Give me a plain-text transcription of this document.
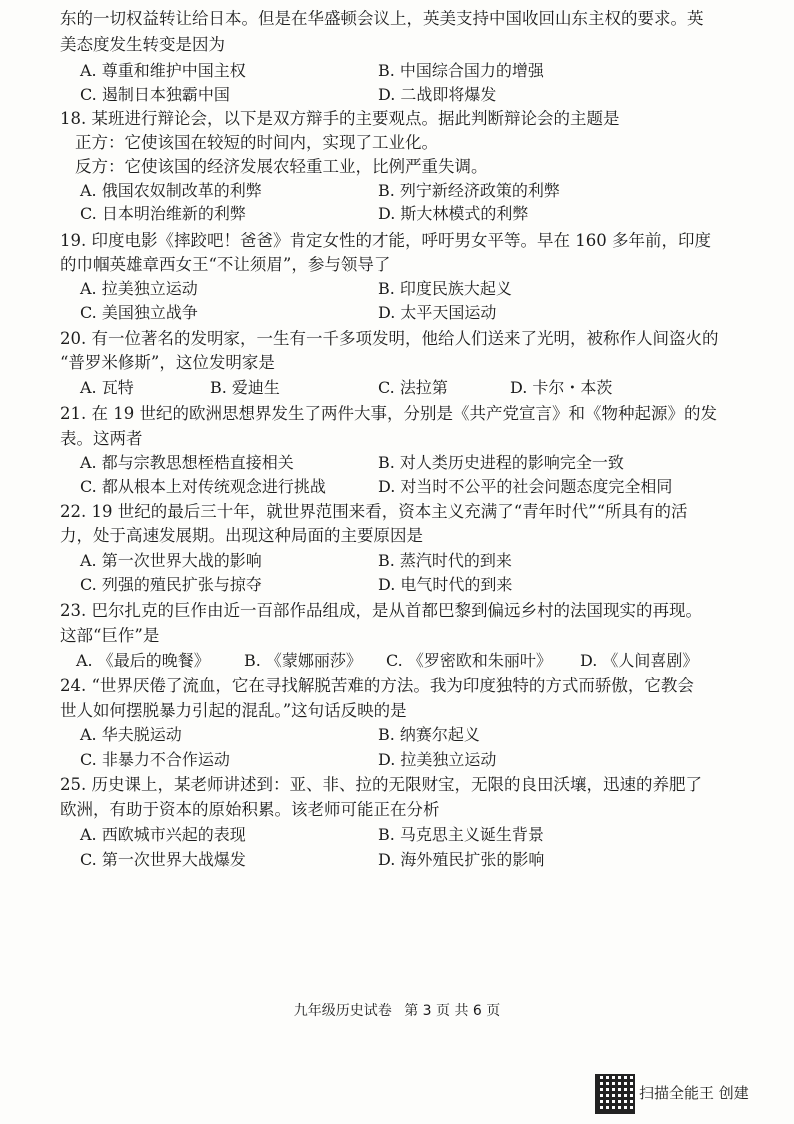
东的一切权益转让给日本。但是在华盛顿会议上，英美支持中国收回山东主权的要求。英
美态度发生转变是因为
A. 尊重和维护中国主权	B. 中国综合国力的增强
C. 遏制日本独霸中国	D. 二战即将爆发
18. 某班进行辩论会，以下是双方辩手的主要观点。据此判断辩论会的主题是
正方：它使该国在较短的时间内，实现了工业化。
反方：它使该国的经济发展农轻重工业，比例严重失调。
A. 俄国农奴制改革的利弊	B. 列宁新经济政策的利弊
C. 日本明治维新的利弊	D. 斯大林模式的利弊
19. 印度电影《摔跤吧！爸爸》肯定女性的才能，呼吁男女平等。早在 160 多年前，印度
的巾帼英雄章西女王“不让须眉”，参与领导了
A. 拉美独立运动	B. 印度民族大起义
C. 美国独立战争	D. 太平天国运动
20. 有一位著名的发明家，一生有一千多项发明，他给人们送来了光明，被称作人间盗火的
“普罗米修斯”，这位发明家是
A. 瓦特	B. 爱迪生	C. 法拉第	D. 卡尔・本茨
21. 在 19 世纪的欧洲思想界发生了两件大事，分别是《共产党宣言》和《物种起源》的发
表。这两者
A. 都与宗教思想桎梏直接相关	B. 对人类历史进程的影响完全一致
C. 都从根本上对传统观念进行挑战	D. 对当时不公平的社会问题态度完全相同
22. 19 世纪的最后三十年，就世界范围来看，资本主义充满了“青年时代”“所具有的活
力，处于高速发展期。出现这种局面的主要原因是
A. 第一次世界大战的影响	B. 蒸汽时代的到来
C. 列强的殖民扩张与掠夺	D. 电气时代的到来
23. 巴尔扎克的巨作由近一百部作品组成，是从首都巴黎到偏远乡村的法国现实的再现。
这部“巨作”是
A. 《最后的晚餐》 B. 《蒙娜丽莎》 C. 《罗密欧和朱丽叶》 D. 《人间喜剧》
24. “世界厌倦了流血，它在寻找解脱苦难的方法。我为印度独特的方式而骄傲，它教会
世人如何摆脱暴力引起的混乱。”这句话反映的是
A. 华夫脱运动	B. 纳赛尔起义
C. 非暴力不合作运动	D. 拉美独立运动
25. 历史课上，某老师讲述到：亚、非、拉的无限财宝，无限的良田沃壤，迅速的养肥了
欧洲，有助于资本的原始积累。该老师可能正在分析
A. 西欧城市兴起的表现	B. 马克思主义诞生背景
C. 第一次世界大战爆发	D. 海外殖民扩张的影响
九年级历史试卷 第 3 页 共 6 页
扫描全能王 创建
